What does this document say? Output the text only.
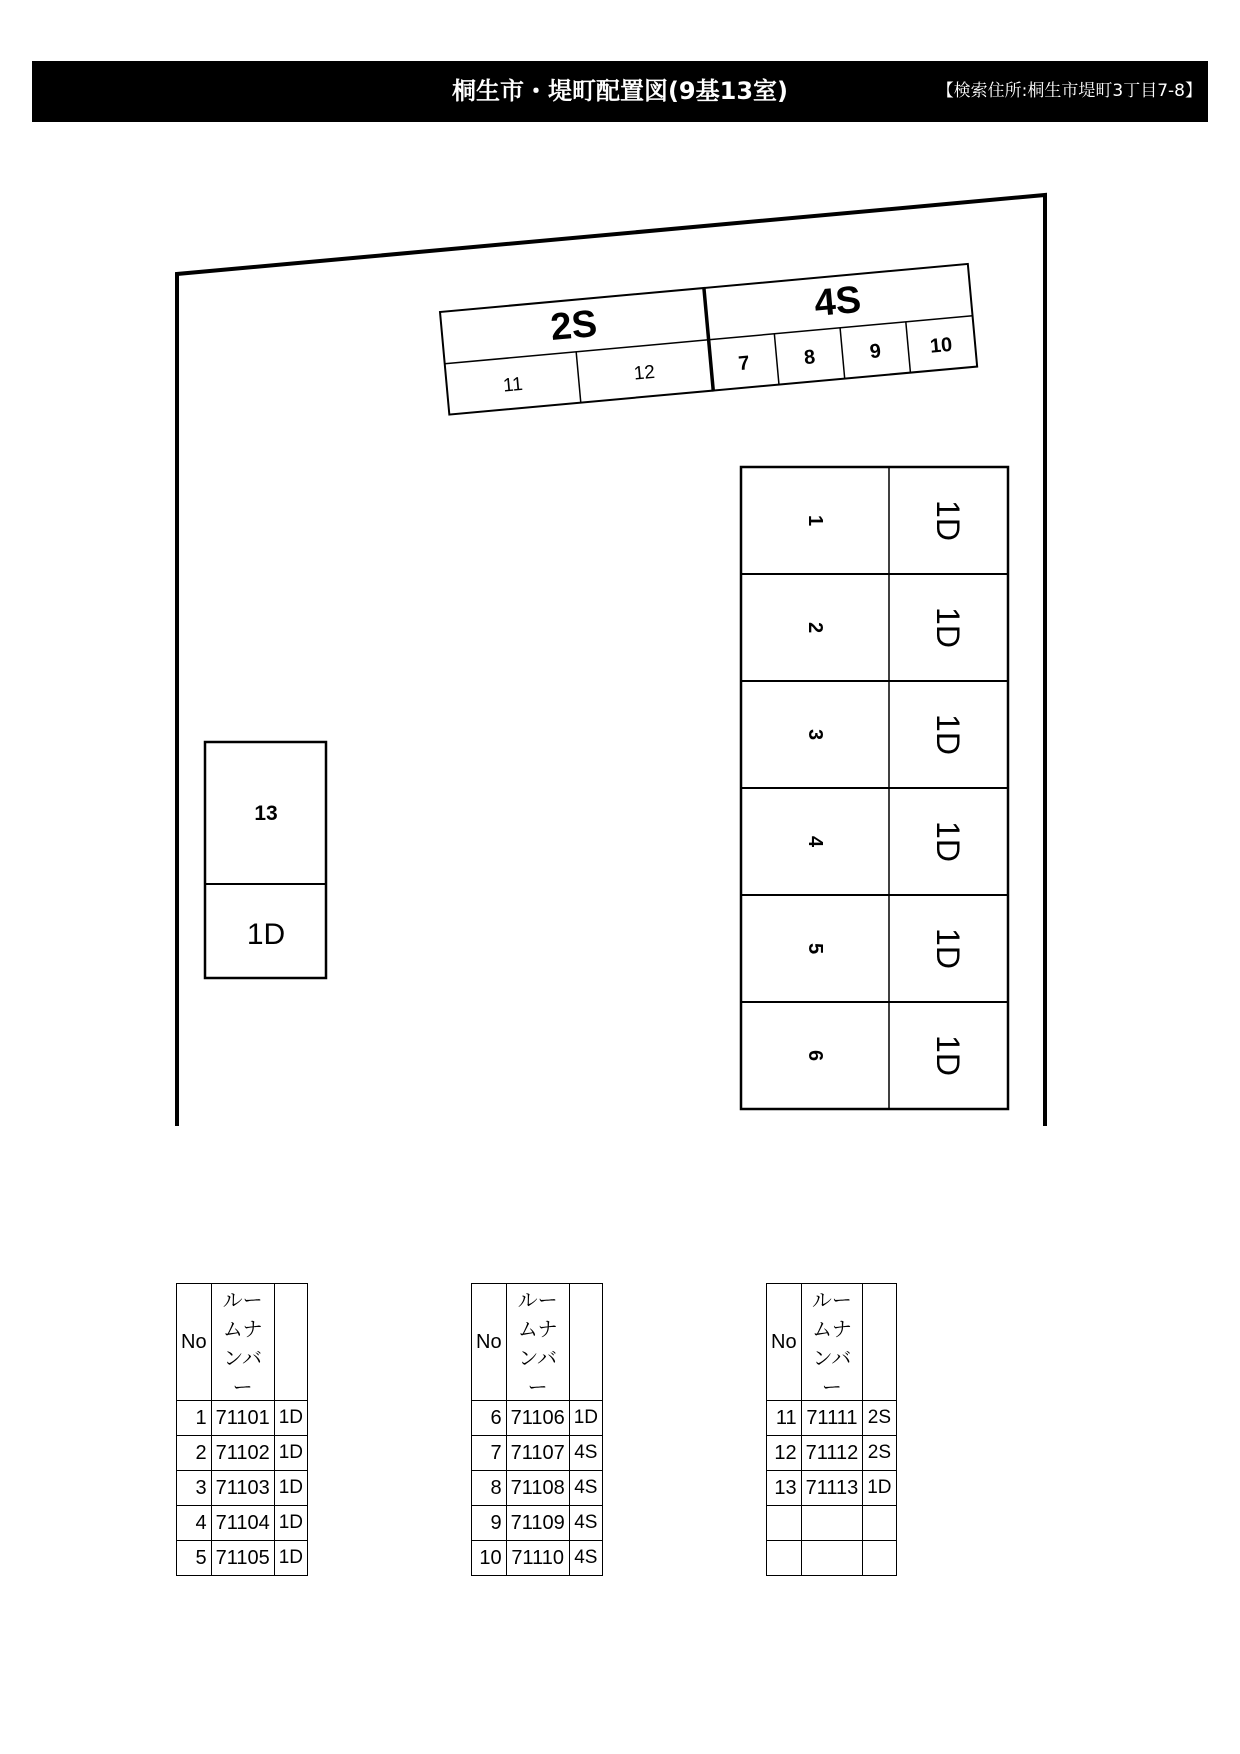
桐生市・堤町配置図(9基13室)	【検索住所:桐生市堤町3丁目7-8】
2S
11
12
4S
7	8	9 10
1	1D
2	1D
3	1D
4	1D
5	1D
6	1D
13
1D
No	ルームナンバー	
1	71101	1D
2	71102	1D
3	71103	1D
4	71104	1D
5	71105	1D
No	ルームナンバー	
6	71106	1D
7	71107	4S
8	71108	4S
9	71109	4S
10	71110	4S
No	ルームナンバー	
11	71111	2S
12	71112	2S
13	71113	1D
